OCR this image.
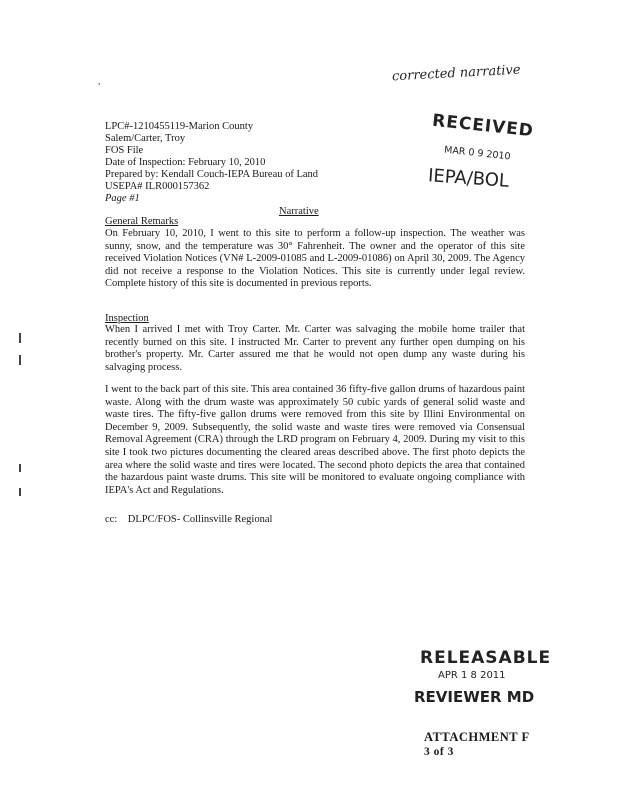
,	corrected narrative
RECEIVED
MAR 0 9 2010
IEPA/BOL
LPC#-1210455119-Marion County
Salem/Carter, Troy
FOS File
Date of Inspection: February 10, 2010
Prepared by: Kendall Couch-IEPA Bureau of Land
USEPA# ILR000157362
Page #1
Narrative
General Remarks
On February 10, 2010, I went to this site to perform a follow-up inspection. The weather was sunny, snow, and the temperature was 30° Fahrenheit. The owner and the operator of this site received Violation Notices (VN# L-2009-01085 and L-2009-01086) on April 30, 2009. The Agency did not receive a response to the Violation Notices. This site is currently under legal review. Complete history of this site is documented in previous reports.
Inspection
When I arrived I met with Troy Carter. Mr. Carter was salvaging the mobile home trailer that recently burned on this site. I instructed Mr. Carter to prevent any further open dumping on his brother's property. Mr. Carter assured me that he would not open dump any waste during his salvaging process.
I went to the back part of this site. This area contained 36 fifty-five gallon drums of hazardous paint waste. Along with the drum waste was approximately 50 cubic yards of general solid waste and waste tires. The fifty-five gallon drums were removed from this site by Illini Environmental on December 9, 2009. Subsequently, the solid waste and waste tires were removed via Consensual Removal Agreement (CRA) through the LRD program on February 4, 2009. During my visit to this site I took two pictures documenting the cleared areas described above. The first photo depicts the area where the solid waste and tires were located. The second photo depicts the area that contained the hazardous paint waste drums. This site will be monitored to evaluate ongoing compliance with IEPA's Act and Regulations.
cc:    DLPC/FOS- Collinsville Regional
RELEASABLE
APR 1 8 2011
REVIEWER MD
ATTACHMENT F
3 of 3
